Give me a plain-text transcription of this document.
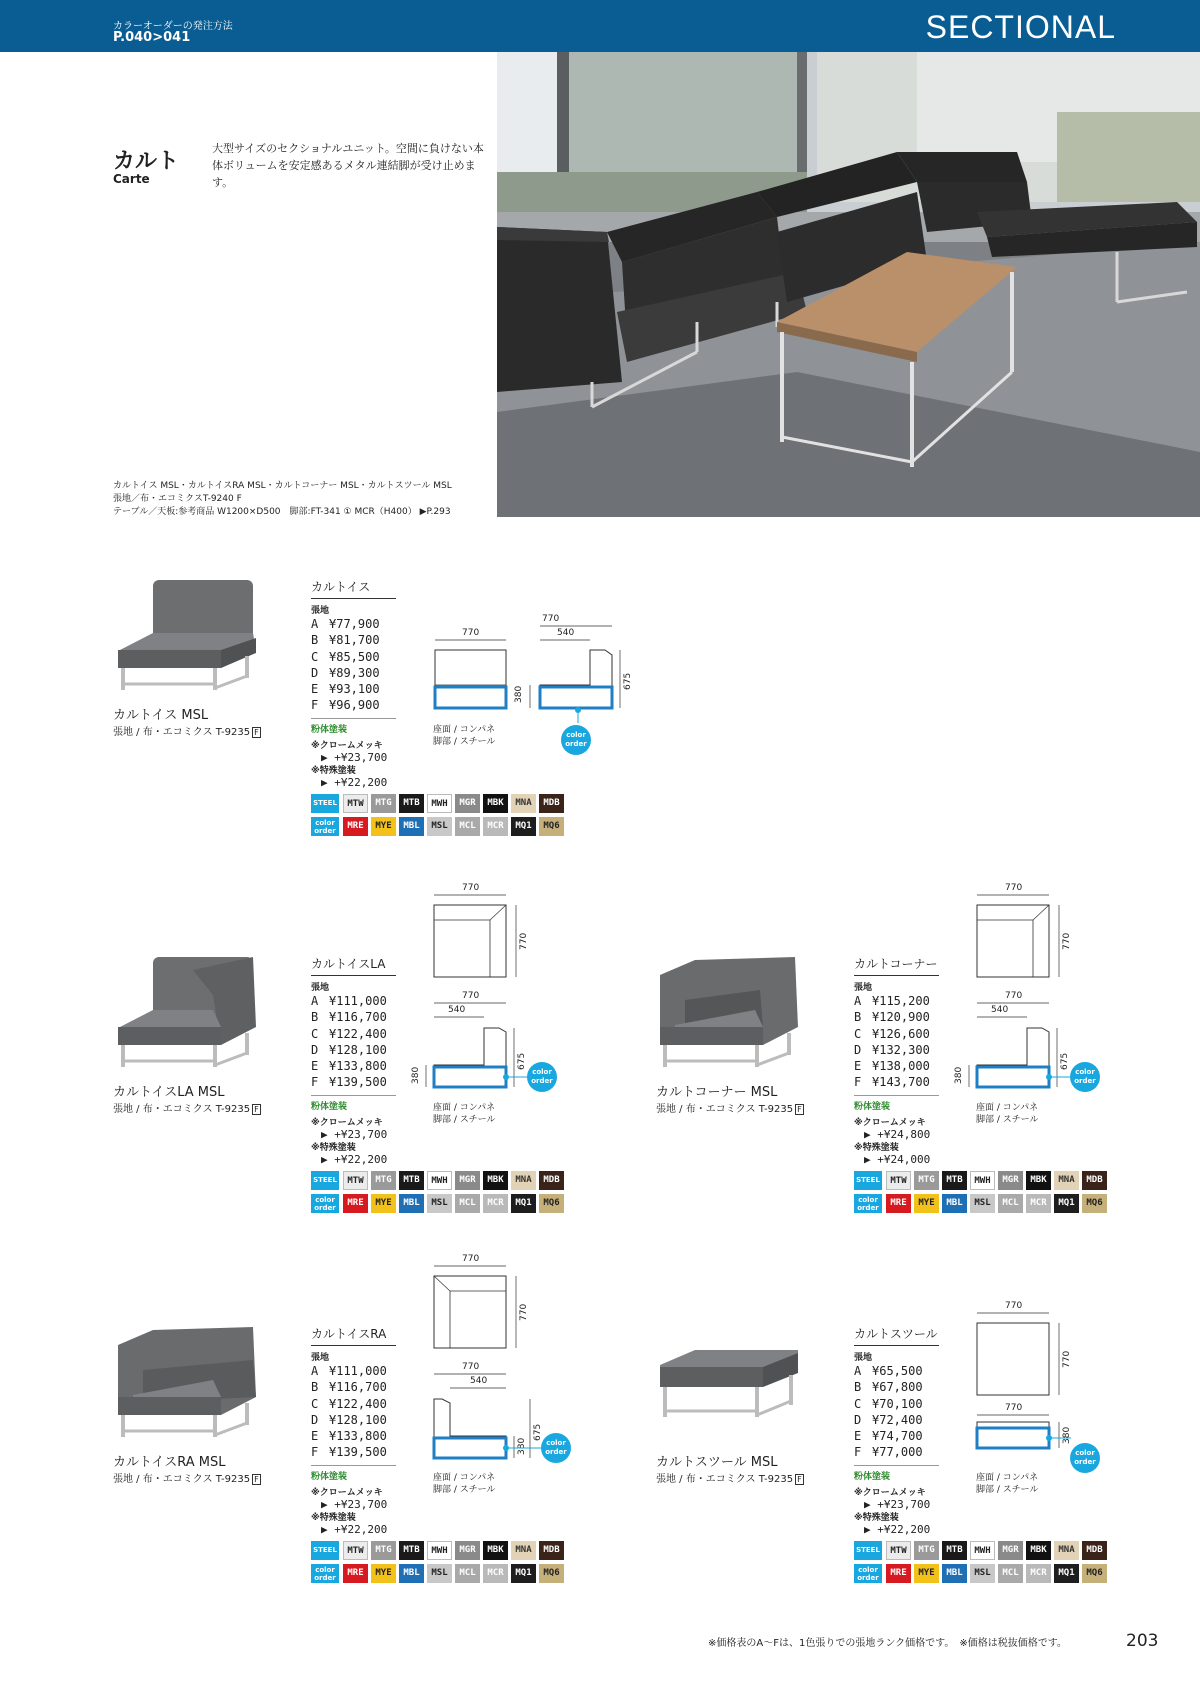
カラーオーダーの発注方法
P.040>041	SECTIONAL
カルト
Carte
大型サイズのセクショナルユニット。空間に負けない本体ボリュームを安定感あるメタル連結脚が受け止めます。
カルトイス MSL・カルトイスRA MSL・カルトコーナー MSL・カルトスツール MSL
張地／布・エコミクスT-9240 F
テーブル／天板:参考商品 W1200×D500　脚部:FT-341 ① MCR（H400） ▶P.293
カルトイス MSL
張地 / 布・エコミクス T-9235 F
カルトイス
張地
A ¥77,900
B ¥81,700
C ¥85,500
D ¥89,300
E ¥93,100
F ¥96,900
粉体塗装
※クロームメッキ
▶ +¥23,700
※特殊塗装
▶ +¥22,200
770
770
540
380
675
color order
座面 / コンパネ
脚部 / スチール
STEEL	MTW	MTG	MTB	MWH	MGR	MBK	MNA	MDB
color order	MRE	MYE	MBL	MSL	MCL	MCR	MQ1	MQ6
カルトイスLA MSL
張地 / 布・エコミクス T-9235 F
カルトイスLA
張地
A ¥111,000
B ¥116,700
C ¥122,400
D ¥128,100
E ¥133,800
F ¥139,500
粉体塗装
※クロームメッキ
▶ +¥23,700
※特殊塗装
▶ +¥22,200
770
770
770
540
380
675
color order
座面 / コンパネ
脚部 / スチール
STEEL	MTW	MTG	MTB	MWH	MGR	MBK	MNA	MDB
color order	MRE	MYE	MBL	MSL	MCL	MCR	MQ1	MQ6
カルトコーナー MSL
張地 / 布・エコミクス T-9235 F
カルトコーナー
張地
A ¥115,200
B ¥120,900
C ¥126,600
D ¥132,300
E ¥138,000
F ¥143,700
粉体塗装
※クロームメッキ
▶ +¥24,800
※特殊塗装
▶ +¥24,000
770
770
770
540
380
675
color order
座面 / コンパネ
脚部 / スチール
STEEL	MTW	MTG	MTB	MWH	MGR	MBK	MNA	MDB
color order	MRE	MYE	MBL	MSL	MCL	MCR	MQ1	MQ6
カルトイスRA MSL
張地 / 布・エコミクス T-9235 F
カルトイスRA
張地
A ¥111,000
B ¥116,700
C ¥122,400
D ¥128,100
E ¥133,800
F ¥139,500
粉体塗装
※クロームメッキ
▶ +¥23,700
※特殊塗装
▶ +¥22,200
770
770
770
540
380
675
color order
座面 / コンパネ
脚部 / スチール
STEEL	MTW	MTG	MTB	MWH	MGR	MBK	MNA	MDB
color order	MRE	MYE	MBL	MSL	MCL	MCR	MQ1	MQ6
カルトスツール MSL
張地 / 布・エコミクス T-9235 F
カルトスツール
張地
A ¥65,500
B ¥67,800
C ¥70,100
D ¥72,400
E ¥74,700
F ¥77,000
粉体塗装
※クロームメッキ
▶ +¥23,700
※特殊塗装
▶ +¥22,200
770
770
770
380
color order
座面 / コンパネ
脚部 / スチール
STEEL	MTW	MTG	MTB	MWH	MGR	MBK	MNA	MDB
color order	MRE	MYE	MBL	MSL	MCL	MCR	MQ1	MQ6
※価格表のA〜Fは、1色張りでの張地ランク価格です。　※価格は税抜価格です。	203
